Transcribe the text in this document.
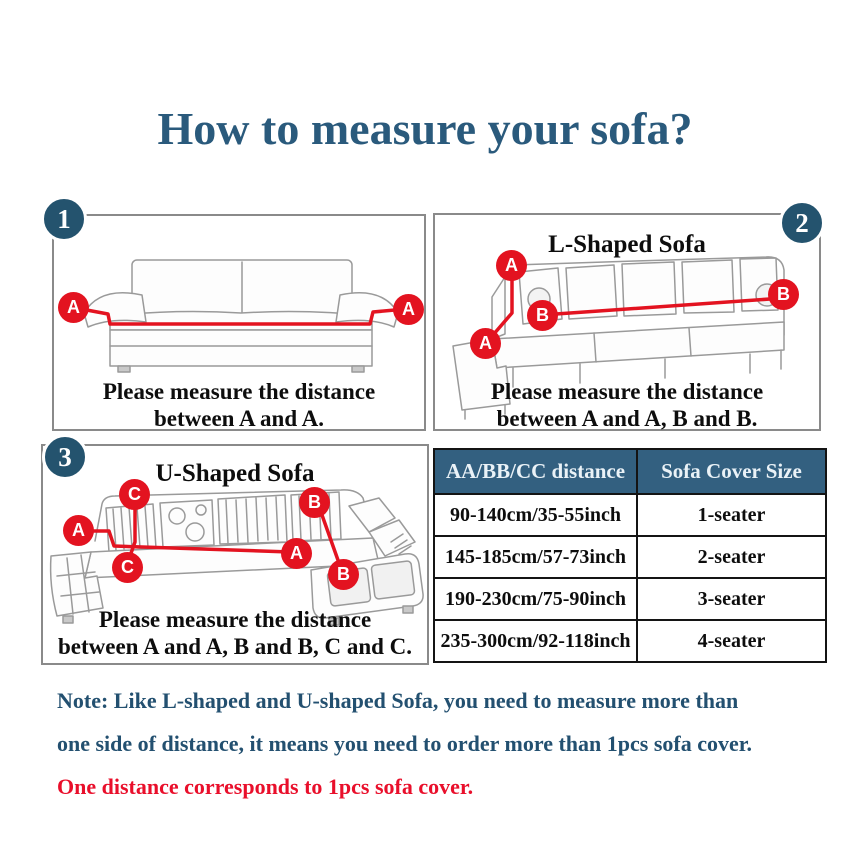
How to measure your sofa?
1
A	A
Please measure the distance
between A and A.
2
L-Shaped Sofa
A
A
B
B
Please measure the distance
between A and A, B and B.
3
U-Shaped Sofa
A
C
C
A
B
B
Please measure the distance
between A and A, B and B, C and C.
AA/BB/CC distance	Sofa Cover Size
90-140cm/35-55inch	1-seater
145-185cm/57-73inch	2-seater
190-230cm/75-90inch	3-seater
235-300cm/92-118inch	4-seater

Note: Like L-shaped and U-shaped Sofa, you need to measure more than

one side of distance, it means you need to order more than 1pcs sofa cover.

One distance corresponds to 1pcs sofa cover.
